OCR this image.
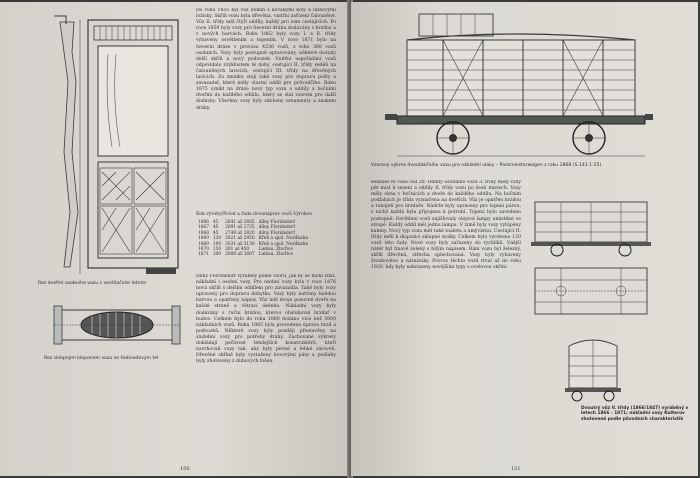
Rez dvefmi osobniho vozu s ventilačním letním
Rez sklopným kleponem vozu se šedivodovým tel
Do roku 1855 byl vůz dodán s kovanými koly a litinovými ložisky. Skříň vozu byla dřevěná, vnitřní zařízení čalouněné. Vůz II. třídy měl čtyři oddíly, každý pro osm cestujících. Po roce 1859 byly vozy pro Severní dráhu dodávány s brzdou a v nových barvách. Roku 1862 byly vozy I. a II. třídy vybaveny osvětlením a topením. V roce 1871 bylo na Severní dráze v provozu 4236 vozů, z toho 360 vozů osobních. Vozy byly postupně upravovány, některé dostaly delší skříň a nový podvozek. Vnitřní uspořádání vozů odpovídalo zvyklostem té doby, cestující II. třídy seděli na čalouněných lavicích, cestující III. třídy na dřevěných lavicích. Za zmínku stojí také vozy pro dopravu pošty a zavazadel, které měly vlastní oddíl pro průvodčího. Roku 1875 vznikl na dráze nový typ vozu s oddíly a bočními dveřmi do každého oddílu, který se stal vzorem pro další dodávky. Všechny vozy byly zdobeny ornamenty a znakem dráhy.
Rok výroby/Počet a řada dvounáprav vozů Výrobce
1866	45	2641 až 2685	dílny Floridsdorf
1867	45	2691 až 2735	dílny Floridsdorf
1868	45	2749 až 2820	dílny Floridsdorf
1869	130	2821 až 2950	Křeň a spol. Nordbahn
1869	100	3031 až 3130	Křeň a spol. Nordbahn
1870	150	301 až 450	Liebau, Zbořice
1871	200	3008 až 3607	Liebau, Zbořice
Dílny Floridsdorf vyráběly podle vzoru, jak by se mohl zdát, nákladní i osobní vozy. Pro osobní vozy byla v roce 1876 nová skříň s delším oddílem pro zavazadla. Také byly vozy upraveny pro dopravu dobytka. Vozy byly natřeny hnědou barvou a opatřeny nápisy. Vůz měl dvoje posuvné dveře na každé straně a větrací okénka. Nákladní vozy byly dodávány s ruční brzdou, kterou obsluhoval brzdař v budce. Celkem bylo do roku 1880 dodáno více než 3000 nákladních vozů. Roku 1885 byla provedena úprava brzd a podvozků. Některé vozy byly později přestavěny na služební vozy pro potřeby dráhy. Zachované výkresy dokládají pečlivost tehdejších konstruktérů, kteří navrhovali vozy tak, aby byly pevné a lehké zároveň. Dřevěné skříně byly vyztuženy kovovými pásy a podlahy byly zhotoveny z dubových fošen.
150
Vzorový výkres dvoutakčního vozu pro nákladní vlaky – Packmeisterwagen z roku 1868 (S.143 1:25)
sedadel ve voze čísl 28. Oddíly osobního vozu 3. třídy měly vždy pět míst k sezení a oddíly II. třídy vozu po šesti místech. Vozy měly okna v bočnicích a dveře do každého oddílu. Na bočním podlahách je třída vyznačena na dveřích. Vůz je opatřen brzdou a rukojetí pro brzdaře. Nádrže byly upraveny pro topení párou, z nichž každá byla připojena k potrubí. Topení bylo zavedeno postupně. Osvětlení vozů zajišťovaly olejové lampy umístěné ve stropě. Každý oddíl měl jednu lampu. V zimě byly vozy vytápěny kamny. Nový typ vozu měl také toaletu a umývárnu. Cestující II. třídy měli k dispozici sklopné stolky. Celkem bylo vyrobeno 120 vozů této řady. Nové vozy byly zařazeny do rychlíků. Vnější nátěr byl tmavě zelený s bílým nápisem. Rám vozu byl železný, skříň dřevěná, střecha oplechovaná. Vozy byly vybaveny šroubovkou a nárazníky. Provoz těchto vozů trval až do roku 1920, kdy byly nahrazeny novějšími typy s ocelovou skříní.
Dvoutrý vůz V. třídy (1866/1847) vyráběný v letech 1866 - 1871; nákladní vozy Kulterov zhotovené podle původních charakteristik
151
